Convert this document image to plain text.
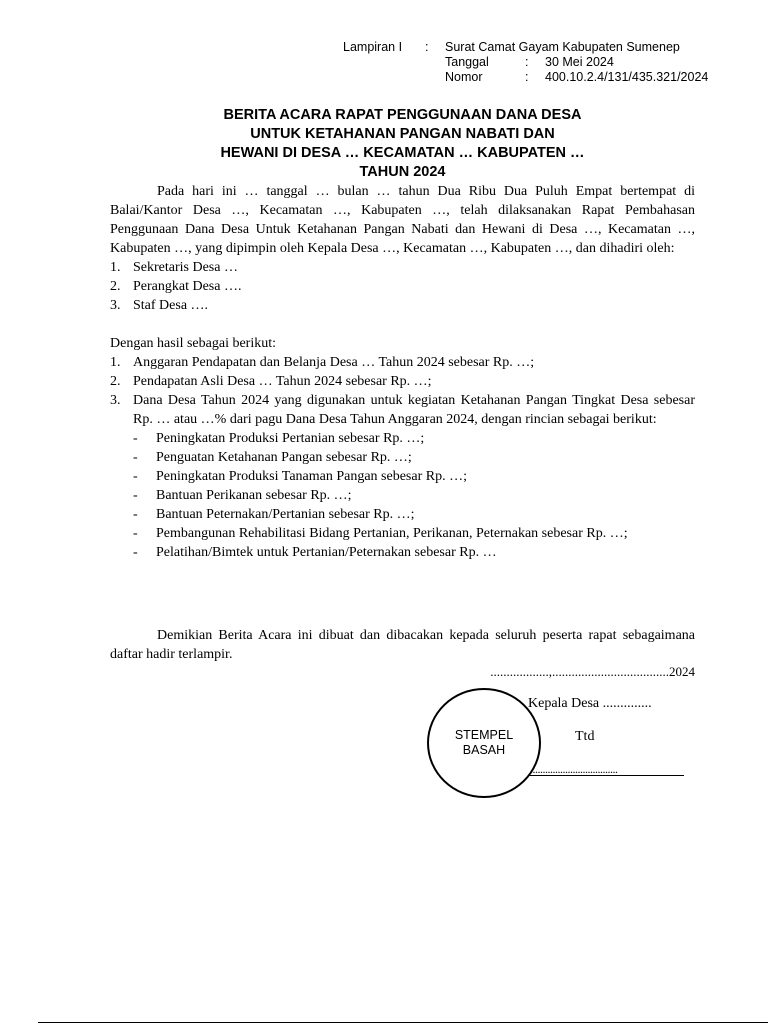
Lampiran I	:	Surat Camat Gayam Kabupaten Sumenep
Tanggal	:	30 Mei 2024
Nomor	:	400.10.2.4/131/435.321/2024
BERITA ACARA RAPAT PENGGUNAAN DANA DESA
UNTUK KETAHANAN PANGAN NABATI DAN
HEWANI DI DESA … KECAMATAN … KABUPATEN …
TAHUN 2024

Pada hari ini … tanggal … bulan … tahun Dua Ribu Dua Puluh Empat bertempat di Balai/Kantor Desa …, Kecamatan …, Kabupaten …, telah dilaksanakan Rapat Pembahasan Penggunaan Dana Desa Untuk Ketahanan Pangan Nabati dan Hewani di Desa …, Kecamatan …, Kabupaten …, yang dipimpin oleh Kepala Desa …, Kecamatan …, Kabupaten …, dan dihadiri oleh:

1. Sekretaris Desa …
2. Perangkat Desa ….
3. Staf Desa ….

Dengan hasil sebagai berikut:

1. Anggaran Pendapatan dan Belanja Desa … Tahun 2024 sebesar Rp. …;
2. Pendapatan Asli Desa … Tahun 2024 sebesar Rp. …;
3. Dana Desa Tahun 2024 yang digunakan untuk kegiatan Ketahanan Pangan Tingkat Desa sebesar Rp. … atau …% dari pagu Dana Desa Tahun Anggaran 2024, dengan rincian sebagai berikut:
-	Peningkatan Produksi Pertanian sebesar Rp. …;
-	Penguatan Ketahanan Pangan sebesar Rp. …;
-	Peningkatan Produksi Tanaman Pangan sebesar Rp. …;
-	Bantuan Perikanan sebesar Rp. …;
-	Bantuan Peternakan/Pertanian sebesar Rp. …;
-	Pembangunan Rehabilitasi Bidang Pertanian, Perikanan, Peternakan sebesar Rp. …;
-	Pelatihan/Bimtek untuk Pertanian/Peternakan sebesar Rp. …

Demikian Berita Acara ini dibuat dan dibacakan kepada seluruh peserta rapat sebagaimana daftar hadir terlampir.

..................,....................................2024
Kepala Desa ..............
Ttd
...................................
STEMPEL
BASAH
